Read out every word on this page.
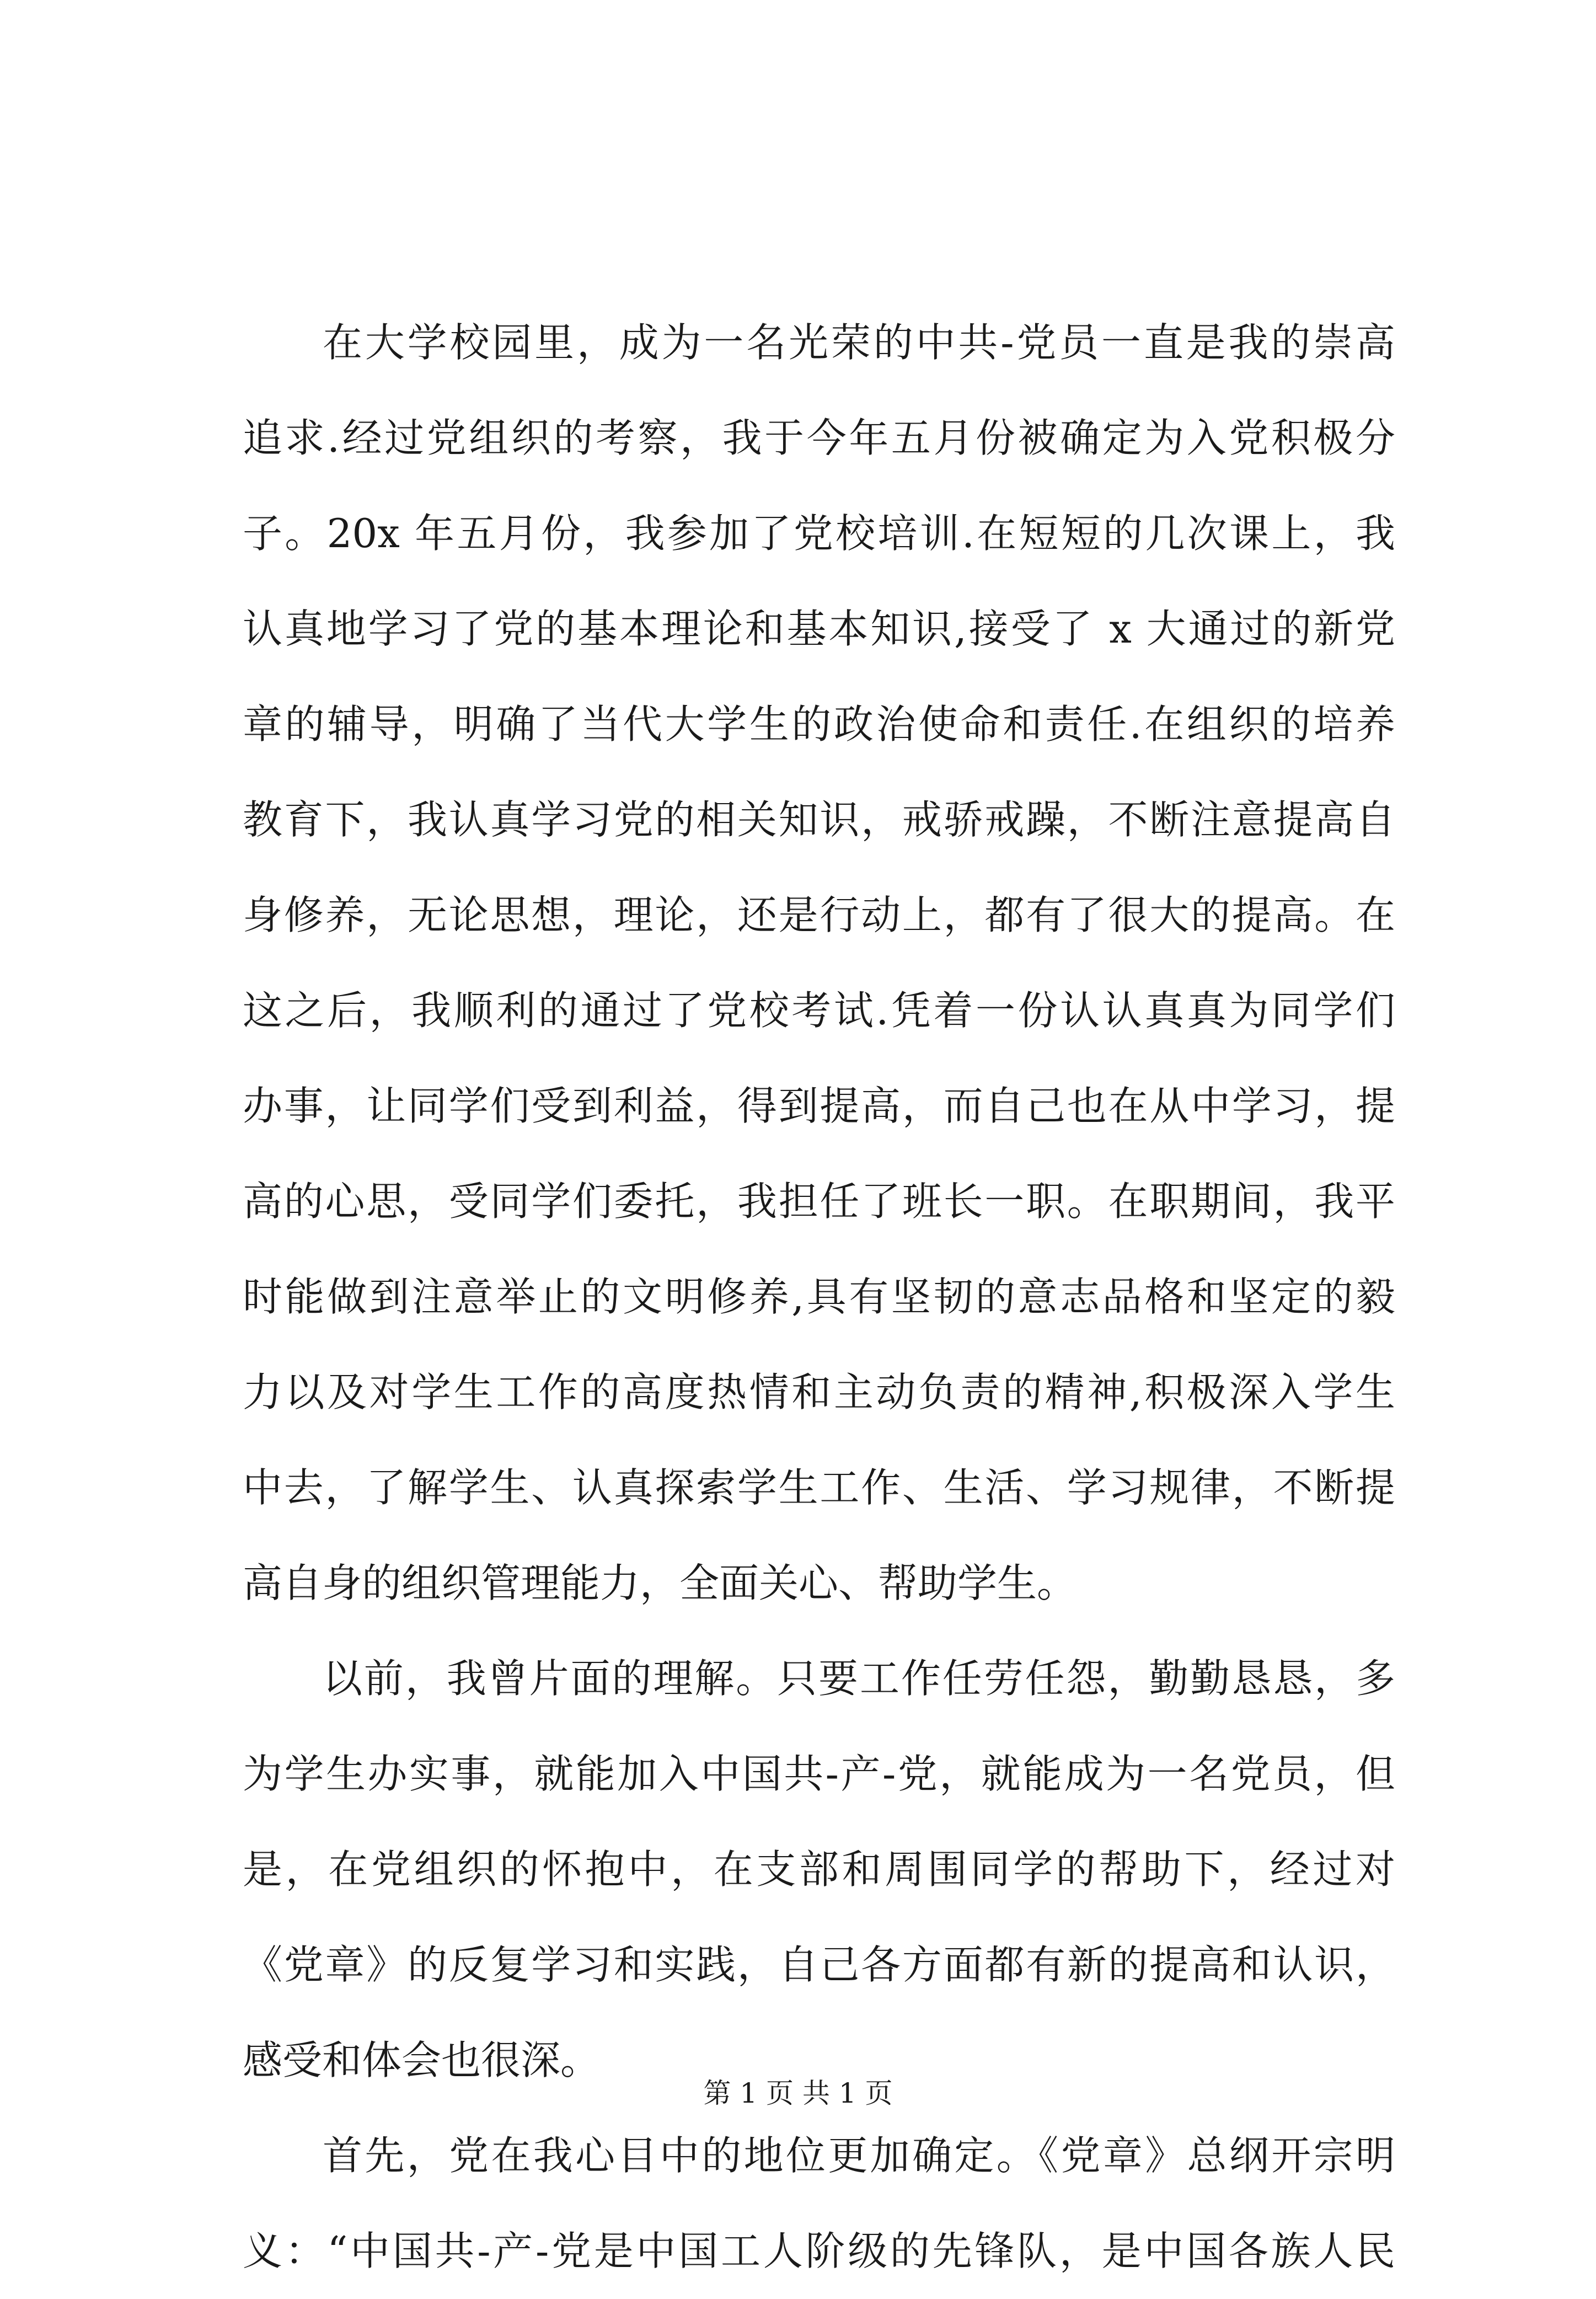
在大学校园里，成为一名光荣的中共-党员一直是我的崇高
追求.经过党组织的考察，我于今年五月份被确定为入党积极分
子。20x 年五月份，我参加了党校培训.在短短的几次课上，我
认真地学习了党的基本理论和基本知识,接受了 x 大通过的新党
章的辅导，明确了当代大学生的政治使命和责任.在组织的培养
教育下，我认真学习党的相关知识，戒骄戒躁，不断注意提高自
身修养，无论思想，理论，还是行动上，都有了很大的提高。在
这之后，我顺利的通过了党校考试.凭着一份认认真真为同学们
办事，让同学们受到利益，得到提高，而自己也在从中学习，提
高的心思，受同学们委托，我担任了班长一职。在职期间，我平
时能做到注意举止的文明修养,具有坚韧的意志品格和坚定的毅
力以及对学生工作的高度热情和主动负责的精神,积极深入学生
中去，了解学生、认真探索学生工作、生活、学习规律，不断提
高自身的组织管理能力，全面关心、帮助学生。
以前，我曾片面的理解。只要工作任劳任怨，勤勤恳恳，多
为学生办实事，就能加入中国共-产-党，就能成为一名党员，但
是，在党组织的怀抱中，在支部和周围同学的帮助下，经过对
《党章》的反复学习和实践，自己各方面都有新的提高和认识，
感受和体会也很深。
首先，党在我心目中的地位更加确定。《党章》总纲开宗明
义：“中国共-产-党是中国工人阶级的先锋队，是中国各族人民
第 1 页 共 1 页
